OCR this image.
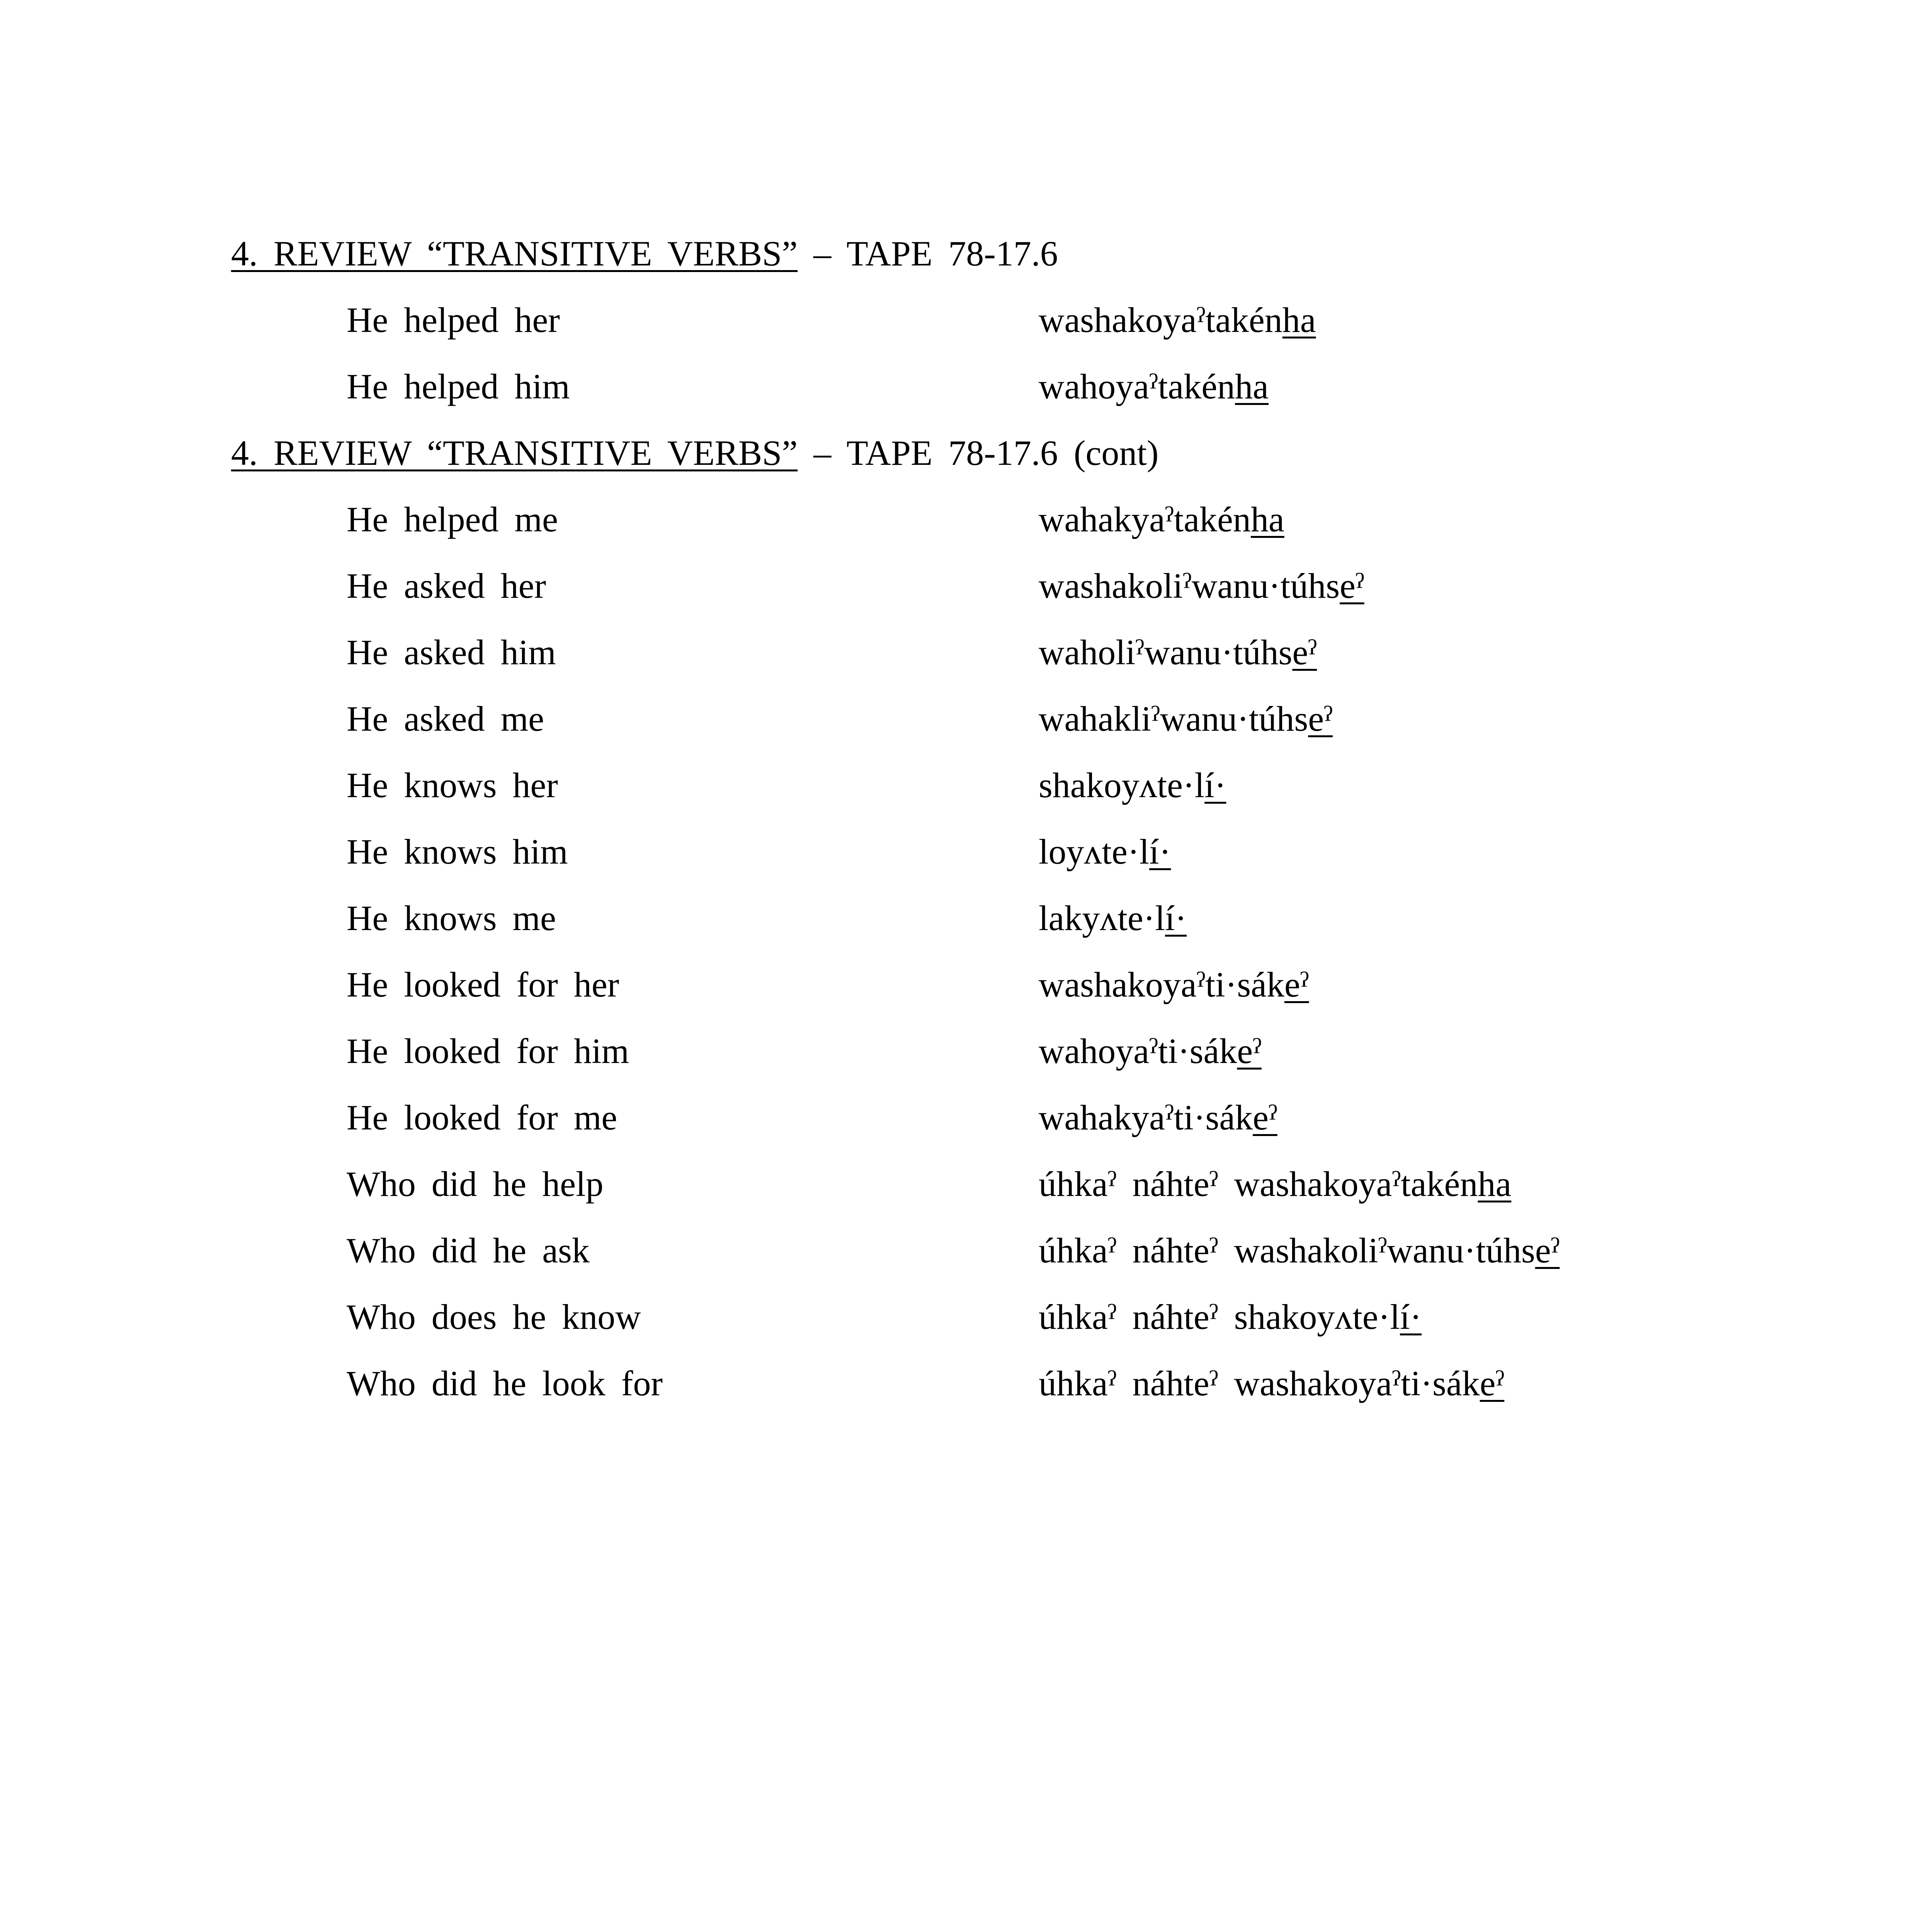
4. REVIEW “TRANSITIVE VERBS” – TAPE 78-17.6
He helped her	washakoyaˀtakénha
He helped him	wahoyaˀtakénha
4. REVIEW “TRANSITIVE VERBS” – TAPE 78-17.6 (cont)
He helped me	wahakyaˀtakénha
He asked her	washakoliˀwanu·túhseˀ
He asked him	waholiˀwanu·túhseˀ
He asked me	wahakliˀwanu·túhseˀ
He knows her	shakoyʌte·lí·
He knows him	loyʌte·lí·
He knows me	lakyʌte·lí·
He looked for her	washakoyaˀti·sákeˀ
He looked for him	wahoyaˀti·sákeˀ
He looked for me	wahakyaˀti·sákeˀ
Who did he help	úhkaˀ náhteˀ washakoyaˀtakénha
Who did he ask	úhkaˀ náhteˀ washakoliˀwanu·túhseˀ
Who does he know	úhkaˀ náhteˀ shakoyʌte·lí·
Who did he look for	úhkaˀ náhteˀ washakoyaˀti·sákeˀ
